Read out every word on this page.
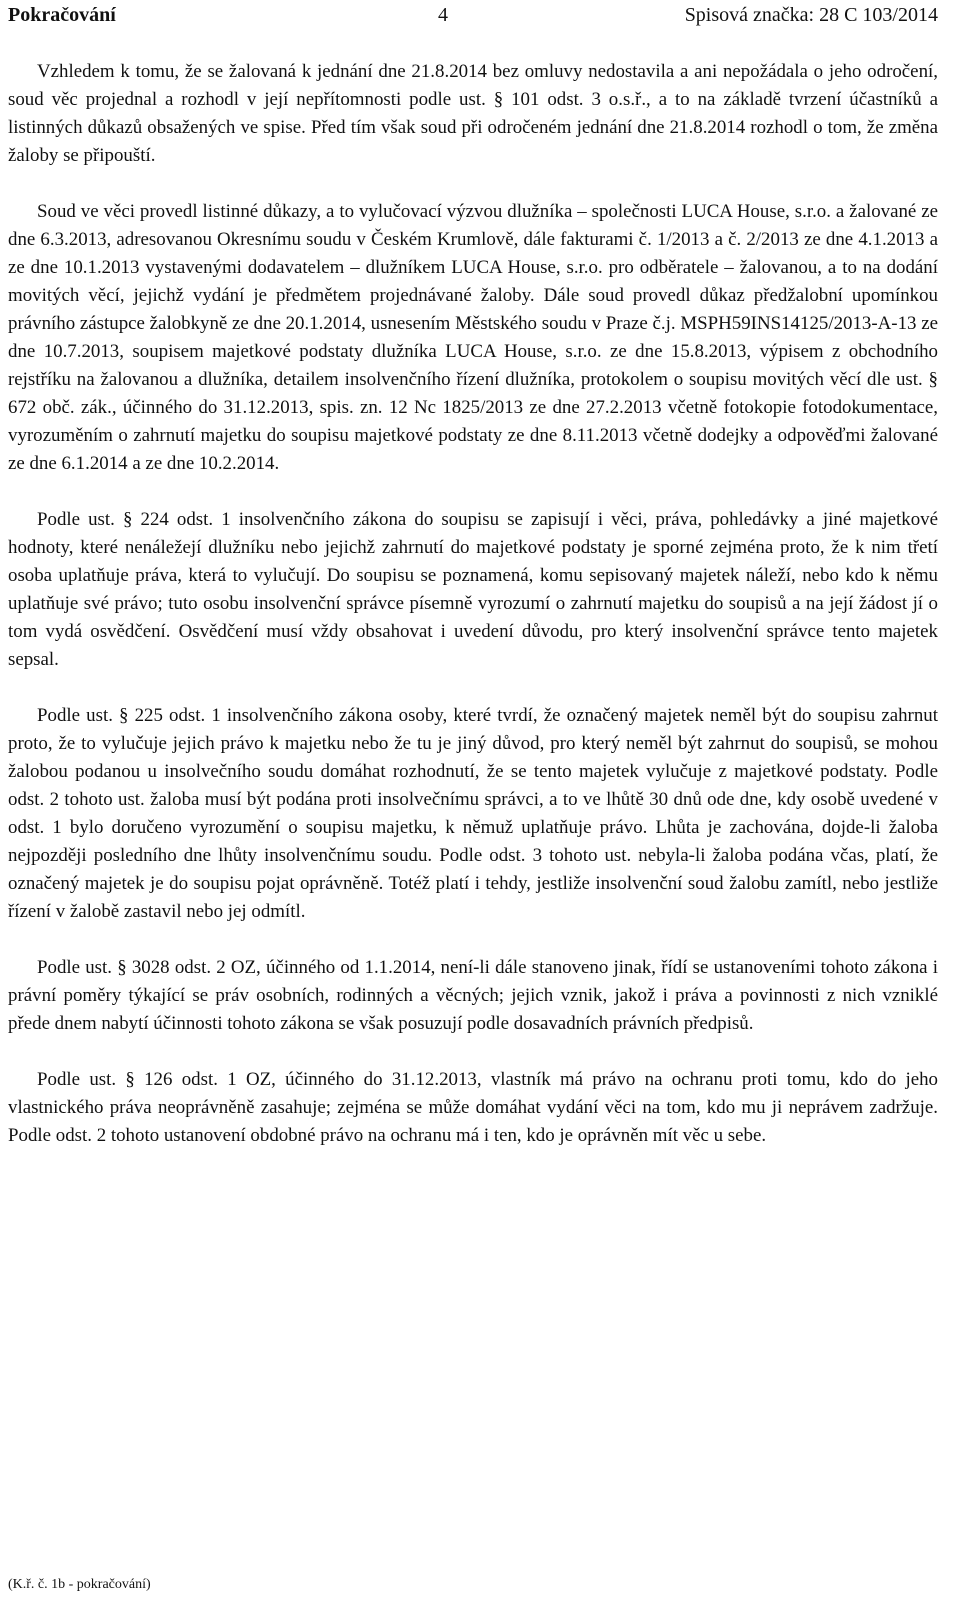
Pokračování	4	Spisová značka: 28 C 103/2014

Vzhledem k tomu, že se žalovaná k jednání dne 21.8.2014 bez omluvy nedostavila a ani nepožádala o jeho odročení, soud věc projednal a rozhodl v její nepřítomnosti podle ust. § 101 odst. 3 o.s.ř., a to na základě tvrzení účastníků a listinných důkazů obsažených ve spise. Před tím však soud při odročeném jednání dne 21.8.2014 rozhodl o tom, že změna žaloby se připouští.

Soud ve věci provedl listinné důkazy, a to vylučovací výzvou dlužníka – společnosti LUCA House, s.r.o. a žalované ze dne 6.3.2013, adresovanou Okresnímu soudu v Českém Krumlově, dále fakturami č. 1/2013 a č. 2/2013 ze dne 4.1.2013 a ze dne 10.1.2013 vystavenými dodavatelem – dlužníkem LUCA House, s.r.o. pro odběratele – žalovanou, a to na dodání movitých věcí, jejichž vydání je předmětem projednávané žaloby. Dále soud provedl důkaz předžalobní upomínkou právního zástupce žalobkyně ze dne 20.1.2014, usnesením Městského soudu v Praze č.j. MSPH59INS14125/2013-A-13 ze dne 10.7.2013, soupisem majetkové podstaty dlužníka LUCA House, s.r.o. ze dne 15.8.2013, výpisem z obchodního rejstříku na žalovanou a dlužníka, detailem insolvenčního řízení dlužníka, protokolem o soupisu movitých věcí dle ust. § 672 obč. zák., účinného do 31.12.2013, spis. zn. 12 Nc 1825/2013 ze dne 27.2.2013 včetně fotokopie fotodokumentace, vyrozuměním o zahrnutí majetku do soupisu majetkové podstaty ze dne 8.11.2013 včetně dodejky a odpověďmi žalované ze dne 6.1.2014 a ze dne 10.2.2014.

Podle ust. § 224 odst. 1 insolvenčního zákona do soupisu se zapisují i věci, práva, pohledávky a jiné majetkové hodnoty, které nenáležejí dlužníku nebo jejichž zahrnutí do majetkové podstaty je sporné zejména proto, že k nim třetí osoba uplatňuje práva, která to vylučují. Do soupisu se poznamená, komu sepisovaný majetek náleží, nebo kdo k němu uplatňuje své právo; tuto osobu insolvenční správce písemně vyrozumí o zahrnutí majetku do soupisů a na její žádost jí o tom vydá osvědčení. Osvědčení musí vždy obsahovat i uvedení důvodu, pro který insolvenční správce tento majetek sepsal.

Podle ust. § 225 odst. 1 insolvenčního zákona osoby, které tvrdí, že označený majetek neměl být do soupisu zahrnut proto, že to vylučuje jejich právo k majetku nebo že tu je jiný důvod, pro který neměl být zahrnut do soupisů, se mohou žalobou podanou u insolvečního soudu domáhat rozhodnutí, že se tento majetek vylučuje z majetkové podstaty. Podle odst. 2 tohoto ust. žaloba musí být podána proti insolvečnímu správci, a to ve lhůtě 30 dnů ode dne, kdy osobě uvedené v odst. 1 bylo doručeno vyrozumění o soupisu majetku, k němuž uplatňuje právo. Lhůta je zachována, dojde-li žaloba nejpozději posledního dne lhůty insolvenčnímu soudu. Podle odst. 3 tohoto ust. nebyla-li žaloba podána včas, platí, že označený majetek je do soupisu pojat oprávněně. Totéž platí i tehdy, jestliže insolvenční soud žalobu zamítl, nebo jestliže řízení v žalobě zastavil nebo jej odmítl.

Podle ust. § 3028 odst. 2 OZ, účinného od 1.1.2014, není-li dále stanoveno jinak, řídí se ustanoveními tohoto zákona i právní poměry týkající se práv osobních, rodinných a věcných; jejich vznik, jakož i práva a povinnosti z nich vzniklé přede dnem nabytí účinnosti tohoto zákona se však posuzují podle dosavadních právních předpisů.

Podle ust. § 126 odst. 1 OZ, účinného do 31.12.2013, vlastník má právo na ochranu proti tomu, kdo do jeho vlastnického práva neoprávněně zasahuje; zejména se může domáhat vydání věci na tom, kdo mu ji neprávem zadržuje. Podle odst. 2 tohoto ustanovení obdobné právo na ochranu má i ten, kdo je oprávněn mít věc u sebe.

(K.ř. č. 1b - pokračování)
